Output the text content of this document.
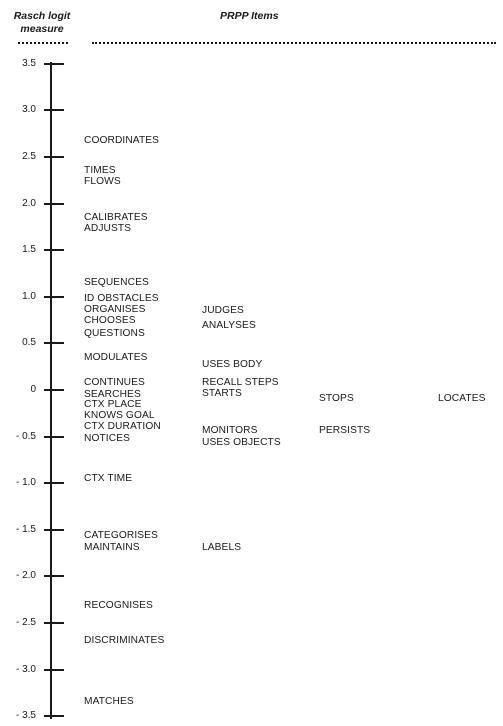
Rasch logit
measure
PRPP Items
3.5
3.0
2.5
2.0
1.5
1.0
0.5
0
- 0.5
- 1.0
- 1.5
- 2.0
- 2.5
- 3.0
- 3.5
COORDINATES
TIMES
FLOWS
CALIBRATES
ADJUSTS
SEQUENCES
ID OBSTACLES
ORGANISES
CHOOSES
QUESTIONS
MODULATES
CONTINUES
SEARCHES
CTX PLACE
KNOWS GOAL
CTX DURATION
NOTICES
CTX TIME
CATEGORISES
MAINTAINS
RECOGNISES
DISCRIMINATES
MATCHES
JUDGES
ANALYSES
USES BODY
RECALL STEPS
STARTS
MONITORS
USES OBJECTS
LABELS
STOPS
PERSISTS
LOCATES
